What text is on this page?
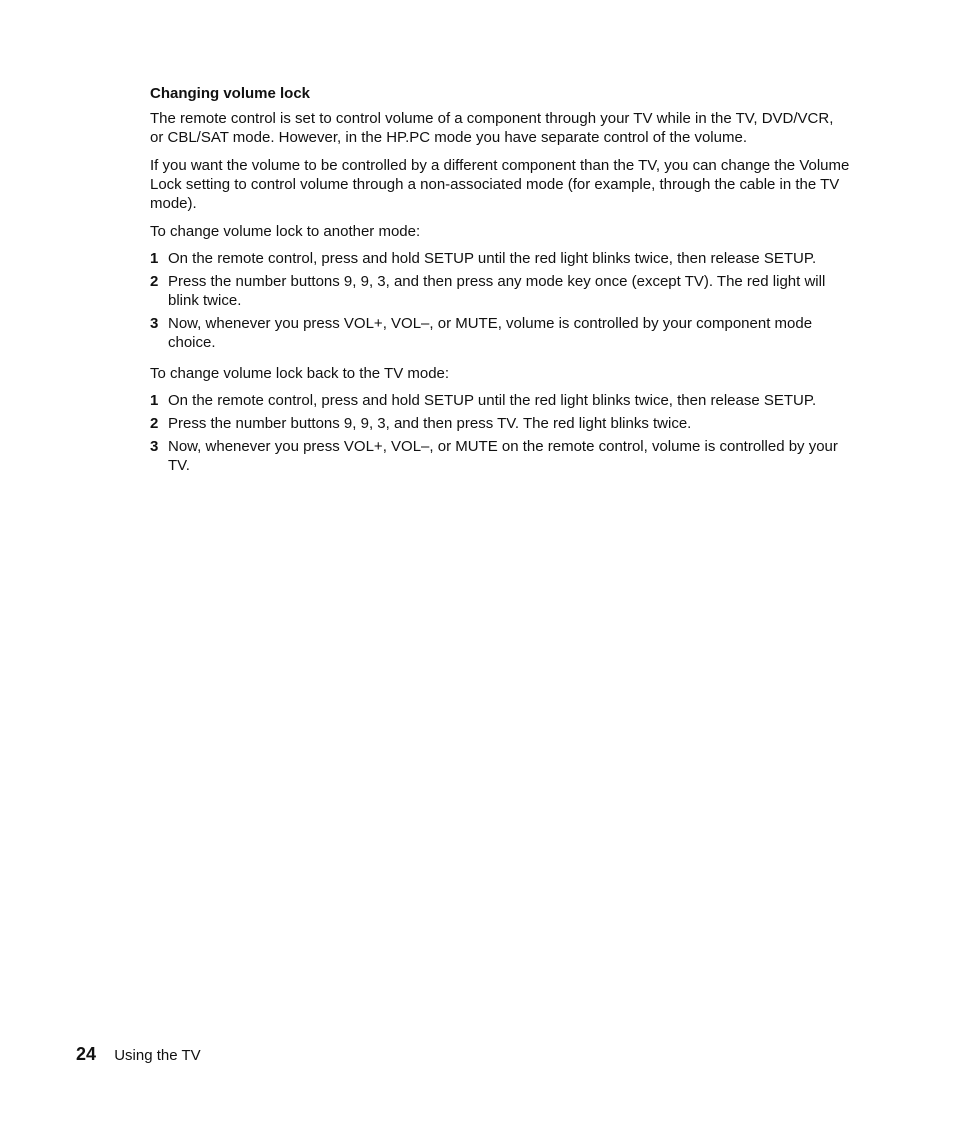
Changing volume lock

The remote control is set to control volume of a component through your TV while in the TV, DVD/VCR, or CBL/SAT mode. However, in the HP.PC mode you have separate control of the volume.

If you want the volume to be controlled by a different component than the TV, you can change the Volume Lock setting to control volume through a non-associated mode (for example, through the cable in the TV mode).

To change volume lock to another mode:

1 On the remote control, press and hold SETUP until the red light blinks twice, then release SETUP.
2 Press the number buttons 9, 9, 3, and then press any mode key once (except TV). The red light will blink twice.
3 Now, whenever you press VOL+, VOL–, or MUTE, volume is controlled by your component mode choice.

To change volume lock back to the TV mode:

1 On the remote control, press and hold SETUP until the red light blinks twice, then release SETUP.
2 Press the number buttons 9, 9, 3, and then press TV. The red light blinks twice.
3 Now, whenever you press VOL+, VOL–, or MUTE on the remote control, volume is controlled by your TV.
24 Using the TV
